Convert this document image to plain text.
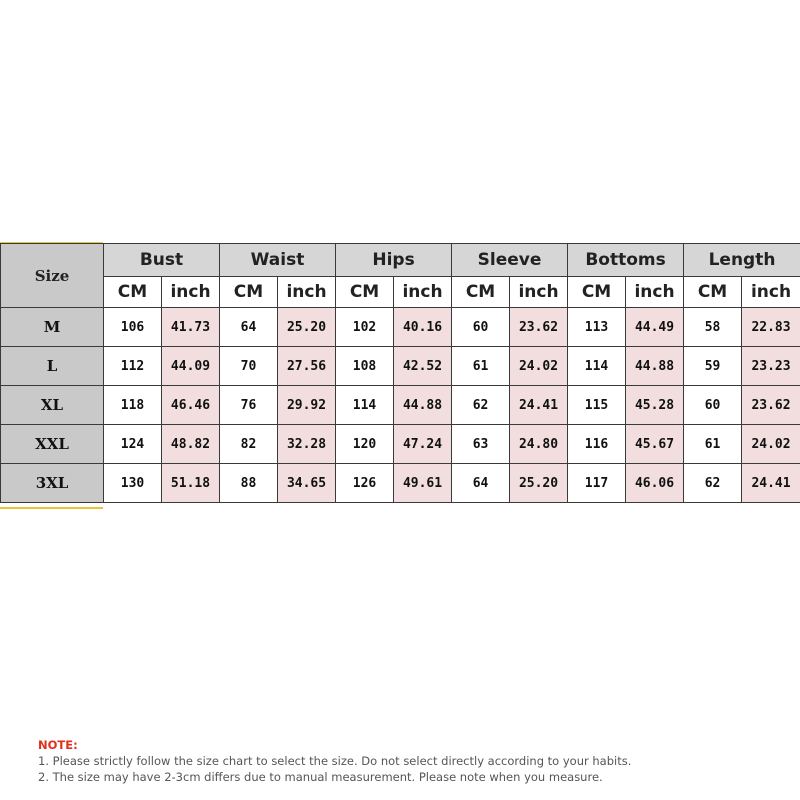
Size	Bust		Waist		Hips		Sleeve		Bottoms		Length	
	CM	inch	CM	inch	CM	inch	CM	inch	CM	inch	CM	inch
M	106	41.73	64	25.20	102	40.16	60	23.62	113	44.49	58	22.83
L	112	44.09	70	27.56	108	42.52	61	24.02	114	44.88	59	23.23
XL	118	46.46	76	29.92	114	44.88	62	24.41	115	45.28	60	23.62
XXL	124	48.82	82	32.28	120	47.24	63	24.80	116	45.67	61	24.02
3XL	130	51.18	88	34.65	126	49.61	64	25.20	117	46.06	62	24.41
NOTE:
1. Please strictly follow the size chart to select the size. Do not select directly according to your habits.
2. The size may have 2-3cm differs due to manual measurement. Please note when you measure.
